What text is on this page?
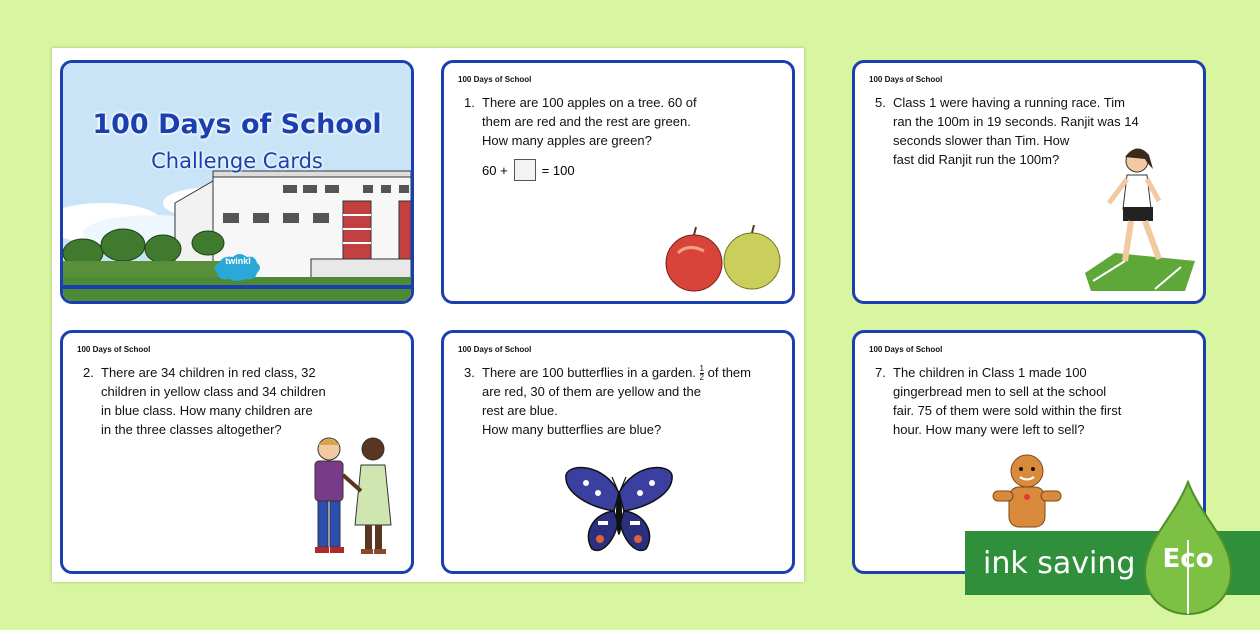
100 Days of School
Challenge Cards
twinkl
100 Days of School
1. There are 100 apples on a tree. 60 of
them are red and the rest are green.
How many apples are green?
60 +	= 100
100 Days of School
2. There are 34 children in red class, 32
children in yellow class and 34 children
in blue class. How many children are
in the three classes altogether?
100 Days of School
3. There are 100 butterflies in a garden. $\frac{1}{2}$ of them
are red, 30 of them are yellow and the
rest are blue.
How many butterflies are blue?
100 Days of School
5. Class 1 were having a running race. Tim
ran the 100m in 19 seconds. Ranjit was 14
seconds slower than Tim. How
fast did Ranjit run the 100m?
100 Days of School
7. The children in Class 1 made 100
gingerbread men to sell at the school
fair. 75 of them were sold within the first
hour. How many were left to sell?
ink saving Eco
